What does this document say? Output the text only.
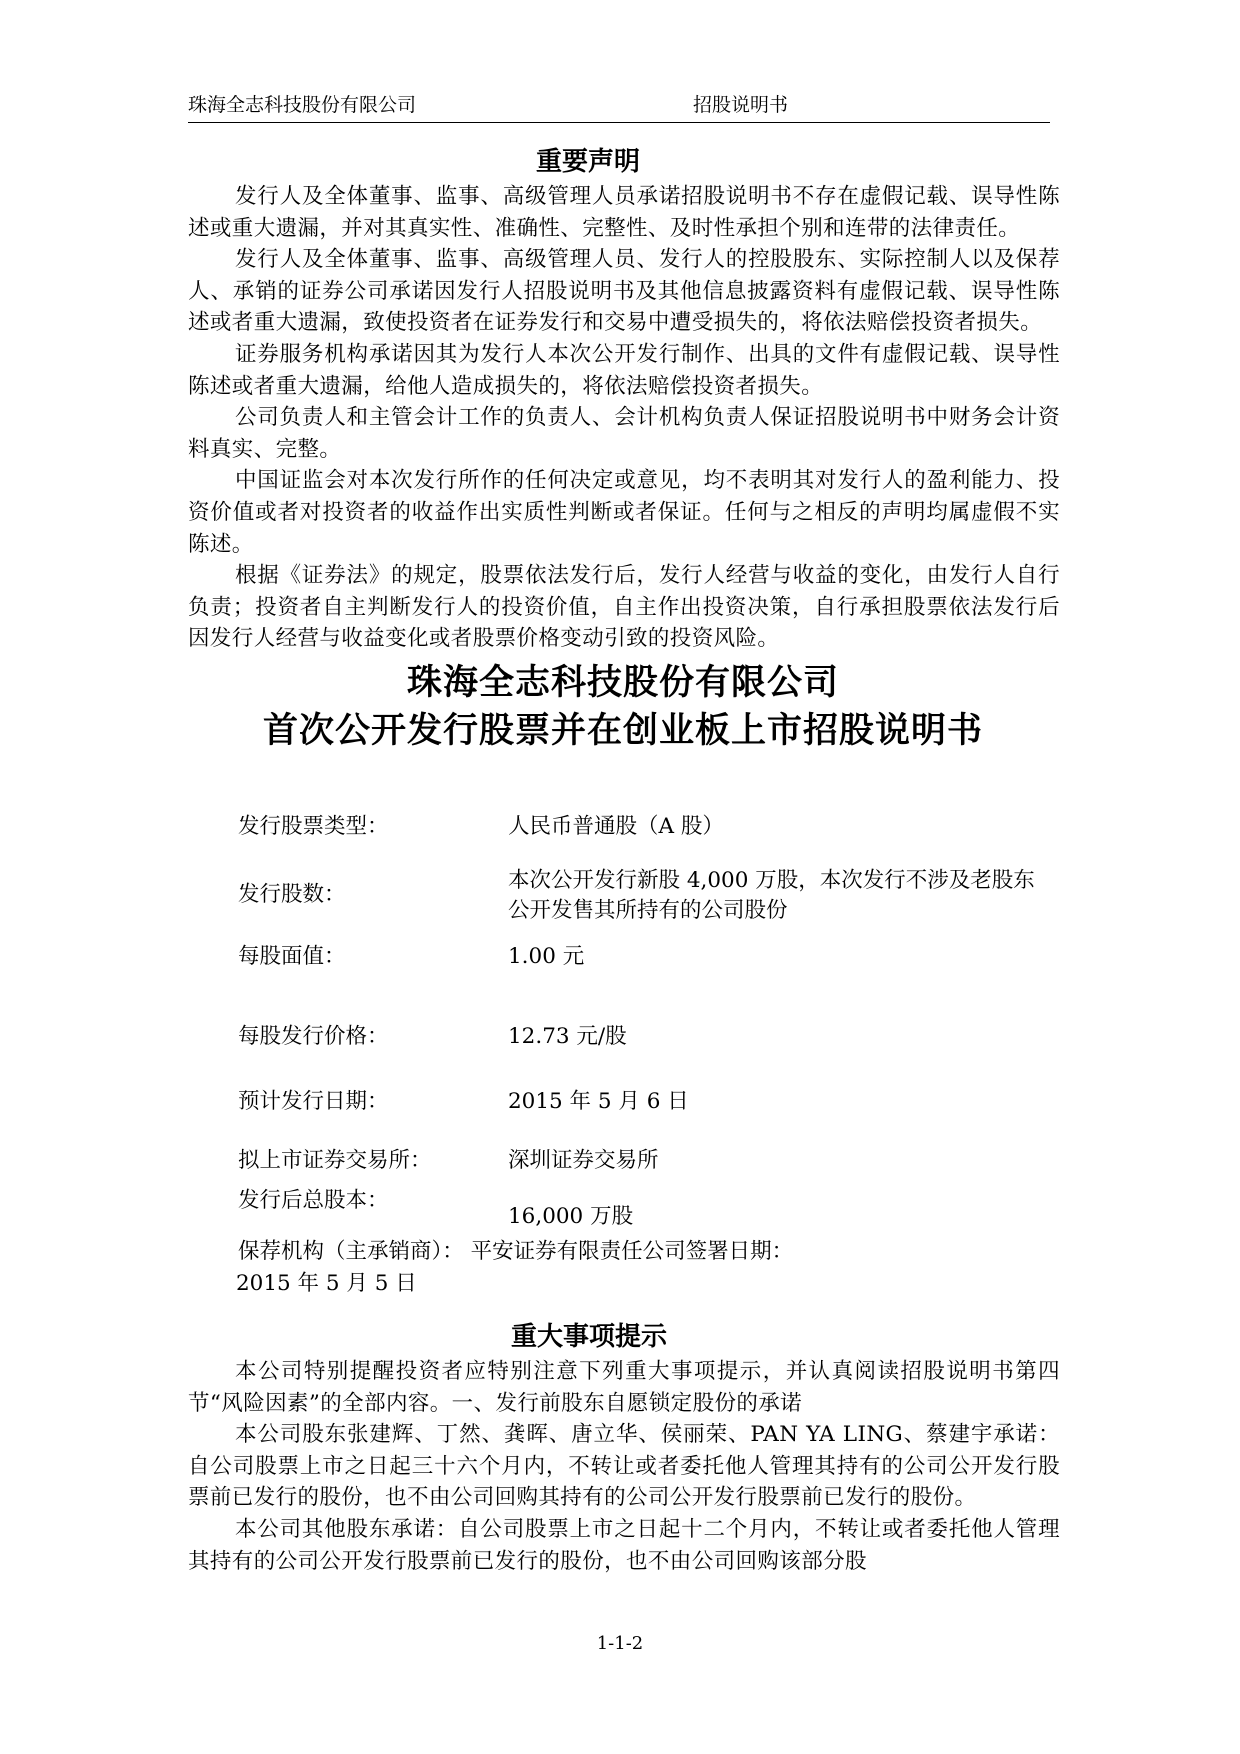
珠海全志科技股份有限公司	招股说明书
重要声明

发行人及全体董事、监事、高级管理人员承诺招股说明书不存在虚假记载、误导性陈述或重大遗漏，并对其真实性、准确性、完整性、及时性承担个别和连带的法律责任。

发行人及全体董事、监事、高级管理人员、发行人的控股股东、实际控制人以及保荐人、承销的证券公司承诺因发行人招股说明书及其他信息披露资料有虚假记载、误导性陈述或者重大遗漏，致使投资者在证券发行和交易中遭受损失的，将依法赔偿投资者损失。

证券服务机构承诺因其为发行人本次公开发行制作、出具的文件有虚假记载、误导性陈述或者重大遗漏，给他人造成损失的，将依法赔偿投资者损失。

公司负责人和主管会计工作的负责人、会计机构负责人保证招股说明书中财务会计资料真实、完整。

中国证监会对本次发行所作的任何决定或意见，均不表明其对发行人的盈利能力、投资价值或者对投资者的收益作出实质性判断或者保证。任何与之相反的声明均属虚假不实陈述。

根据《证券法》的规定，股票依法发行后，发行人经营与收益的变化，由发行人自行负责；投资者自主判断发行人的投资价值，自主作出投资决策，自行承担股票依法发行后因发行人经营与收益变化或者股票价格变动引致的投资风险。

珠海全志科技股份有限公司
首次公开发行股票并在创业板上市招股说明书
发行股票类型：	人民币普通股（A 股）
发行股数：
本次公开发行新股 4,000 万股，本次发行不涉及老股东公开发售其所持有的公司股份
每股面值：	1.00 元
每股发行价格：	12.73 元/股
预计发行日期：	2015 年 5 月 6 日
拟上市证券交易所：	深圳证券交易所
发行后总股本：
16,000 万股
保荐机构（主承销商）： 平安证券有限责任公司签署日期：
2015 年 5 月 5 日
重大事项提示

本公司特别提醒投资者应特别注意下列重大事项提示，并认真阅读招股说明书第四节“风险因素”的全部内容。一、发行前股东自愿锁定股份的承诺

本公司股东张建辉、丁然、龚晖、唐立华、侯丽荣、PAN YA LING、蔡建宇承诺：自公司股票上市之日起三十六个月内，不转让或者委托他人管理其持有的公司公开发行股票前已发行的股份，也不由公司回购其持有的公司公开发行股票前已发行的股份。

本公司其他股东承诺：自公司股票上市之日起十二个月内，不转让或者委托他人管理其持有的公司公开发行股票前已发行的股份，也不由公司回购该部分股

1-1-2
